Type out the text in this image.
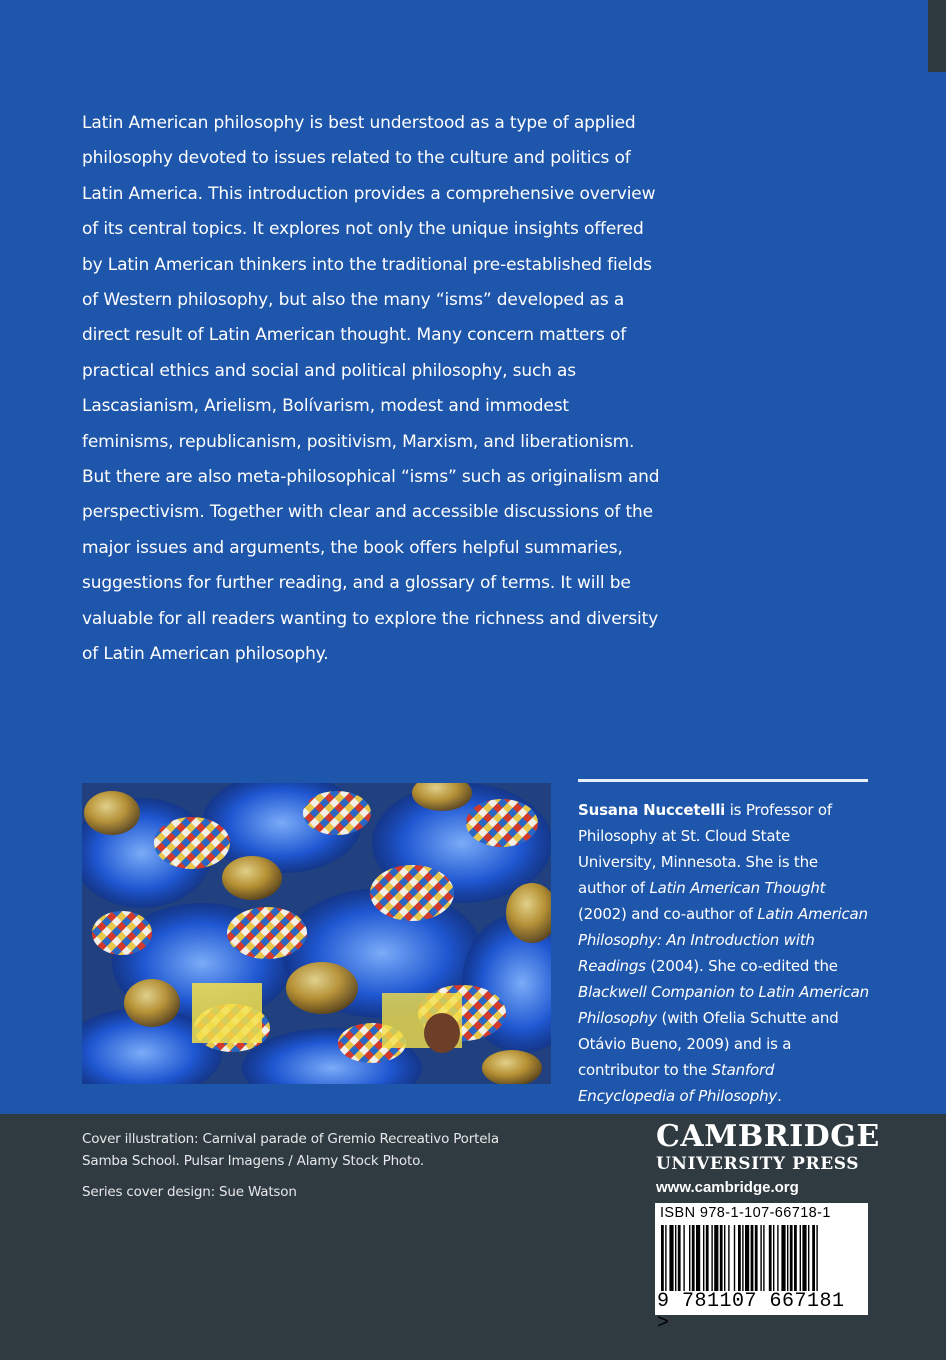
Latin American philosophy is best understood as a type of applied philosophy devoted to issues related to the culture and politics of Latin America. This introduction provides a comprehensive overview of its central topics. It explores not only the unique insights offered by Latin American thinkers into the traditional pre-established fields of Western philosophy, but also the many “isms” developed as a direct result of Latin American thought. Many concern matters of practical ethics and social and political philosophy, such as Lascasianism, Arielism, Bolívarism, modest and immodest feminisms, republicanism, positivism, Marxism, and liberationism. But there are also meta-philosophical “isms” such as originalism and perspectivism. Together with clear and accessible discussions of the major issues and arguments, the book offers helpful summaries, suggestions for further reading, and a glossary of terms. It will be valuable for all readers wanting to explore the richness and diversity of Latin American philosophy.
Susana Nuccetelli is Professor of Philosophy at St. Cloud State University, Minnesota. She is the author of Latin American Thought (2002) and co-author of Latin American Philosophy: An Introduction with Readings (2004). She co-edited the Blackwell Companion to Latin American Philosophy (with Ofelia Schutte and Otávio Bueno, 2009) and is a contributor to the Stanford Encyclopedia of Philosophy.
Cover illustration: Carnival parade of Gremio Recreativo Portela
Samba School. Pulsar Imagens / Alamy Stock Photo.
Series cover design: Sue Watson
CAMBRIDGE
UNIVERSITY PRESS
www.cambridge.org
ISBN 978-1-107-66718-1
9 781107 667181 >
